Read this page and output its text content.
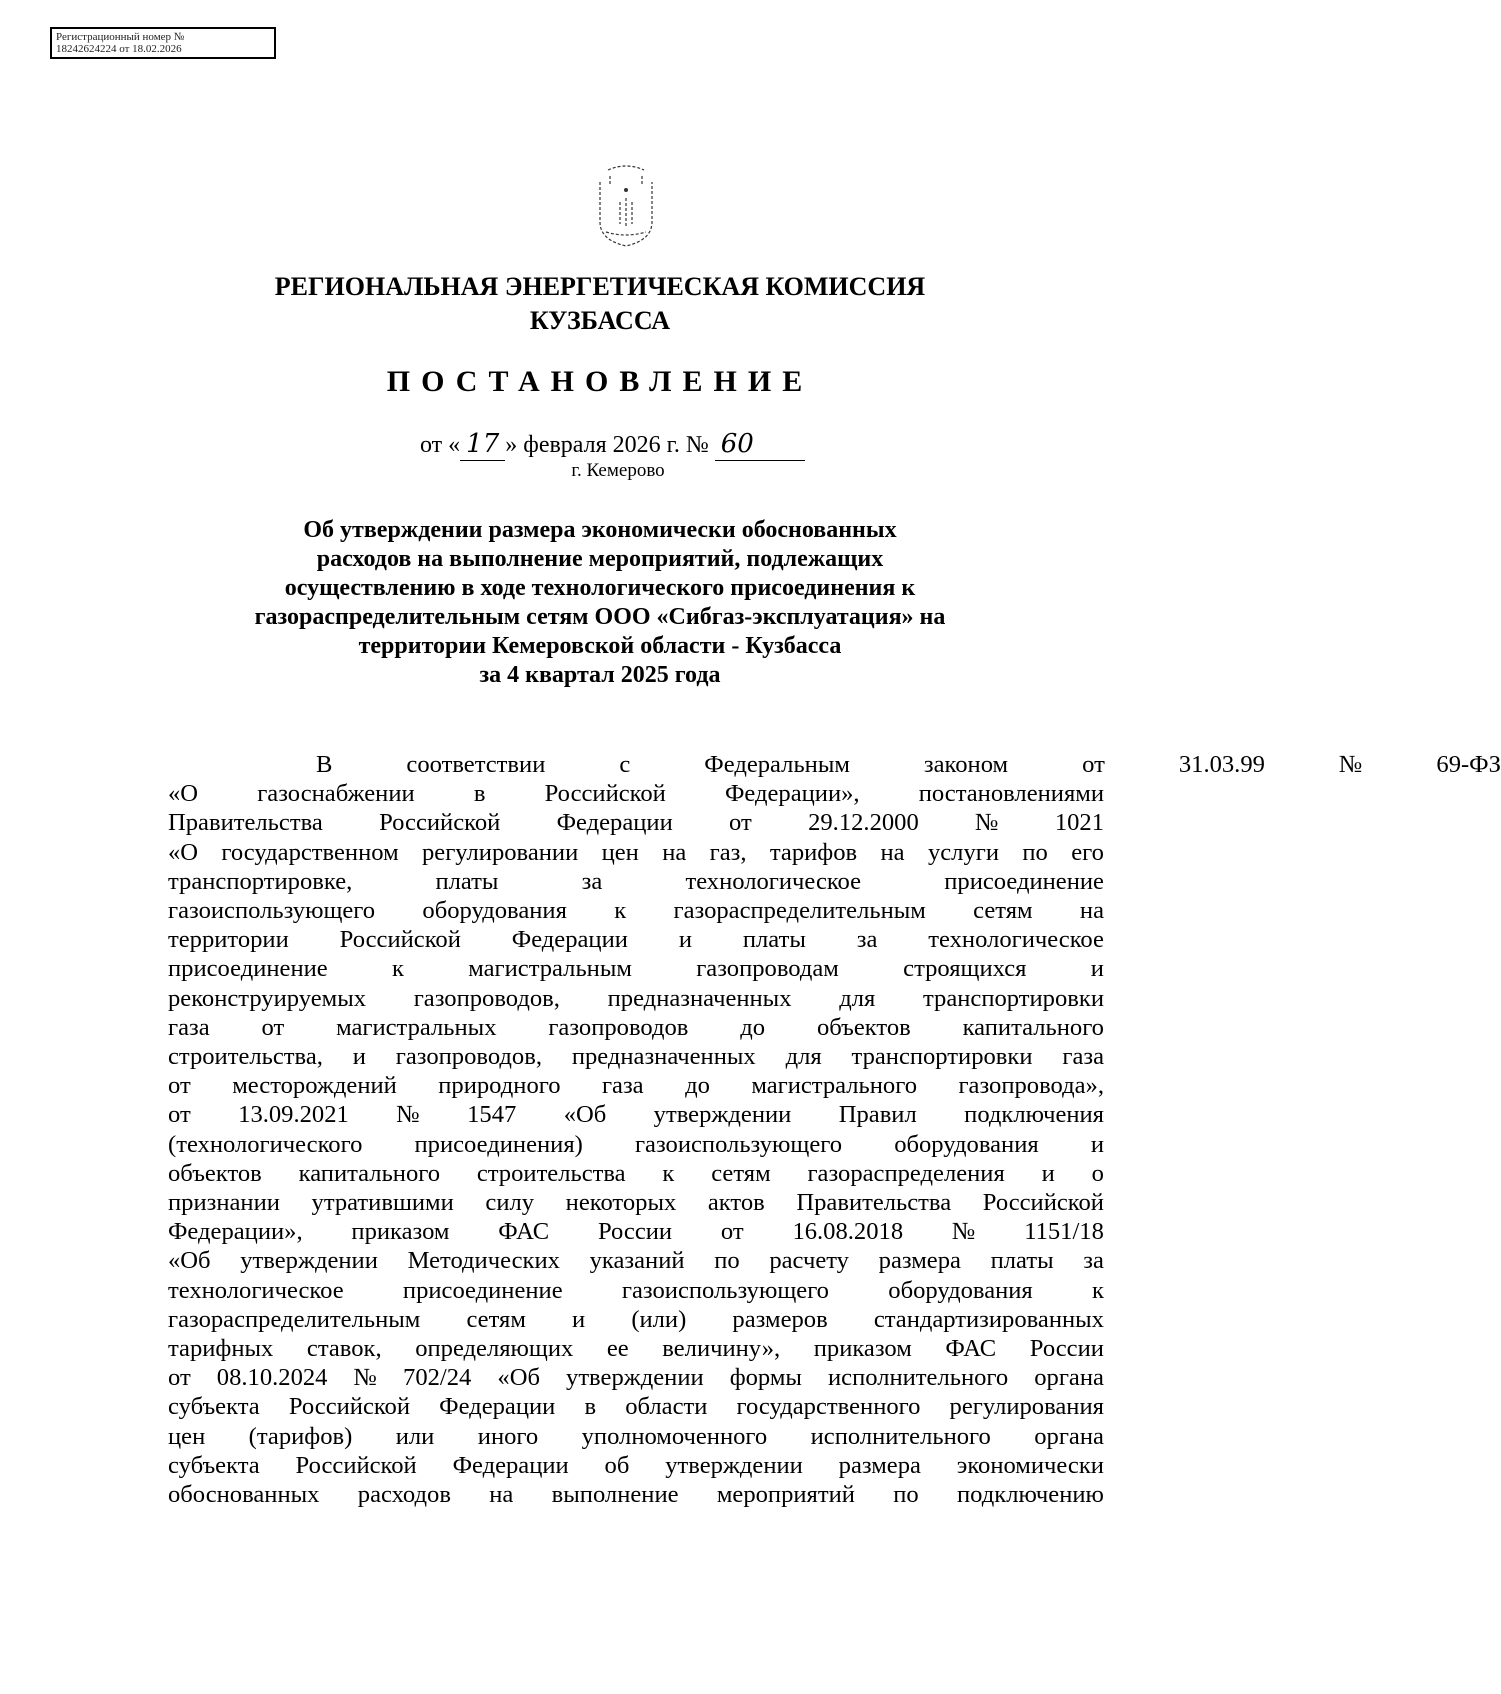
Регистрационный номер №
18242624224 от 18.02.2026
РЕГИОНАЛЬНАЯ ЭНЕРГЕТИЧЕСКАЯ КОМИССИЯ
КУЗБАССА
ПОСТАНОВЛЕНИЕ
от « 17 » февраля 2026 г. № 60
г. Кемерово
Об утверждении размера экономически обоснованных
расходов на выполнение мероприятий, подлежащих
осуществлению в ходе технологического присоединения к
газораспределительным сетям ООО «Сибгаз-эксплуатация» на
территории Кемеровской области - Кузбасса
за 4 квартал 2025 года
В	соответствии	с	Федеральным	законом	от	31.03.99	№	69-ФЗ
«О газоснабжении в Российской Федерации», постановлениями
Правительства Российской Федерации от 29.12.2000 № 1021
«О государственном регулировании цен на газ, тарифов на услуги по его
транспортировке,	платы	за	технологическое	присоединение
газоиспользующего оборудования к газораспределительным сетям на
территории Российской Федерации и платы за технологическое
присоединение	к	магистральным	газопроводам	строящихся	и
реконструируемых газопроводов, предназначенных для транспортировки
газа от магистральных газопроводов до объектов капитального
строительства, и газопроводов, предназначенных для транспортировки газа
от месторождений природного газа до магистрального газопровода»,
от 13.09.2021 № 1547 «Об утверждении Правил подключения
(технологического присоединения) газоиспользующего оборудования и
объектов капитального строительства к сетям газораспределения и о
признании утратившими силу некоторых актов Правительства Российской
Федерации», приказом ФАС России от 16.08.2018 № 1151/18
«Об утверждении Методических указаний по расчету размера платы за
технологическое присоединение газоиспользующего оборудования к
газораспределительным сетям и (или) размеров стандартизированных
тарифных ставок, определяющих ее величину», приказом ФАС России
от 08.10.2024 № 702/24 «Об утверждении формы исполнительного органа
субъекта Российской Федерации в области государственного регулирования
цен (тарифов) или иного уполномоченного исполнительного органа
субъекта Российской Федерации об утверждении размера экономически
обоснованных расходов на выполнение мероприятий по подключению
